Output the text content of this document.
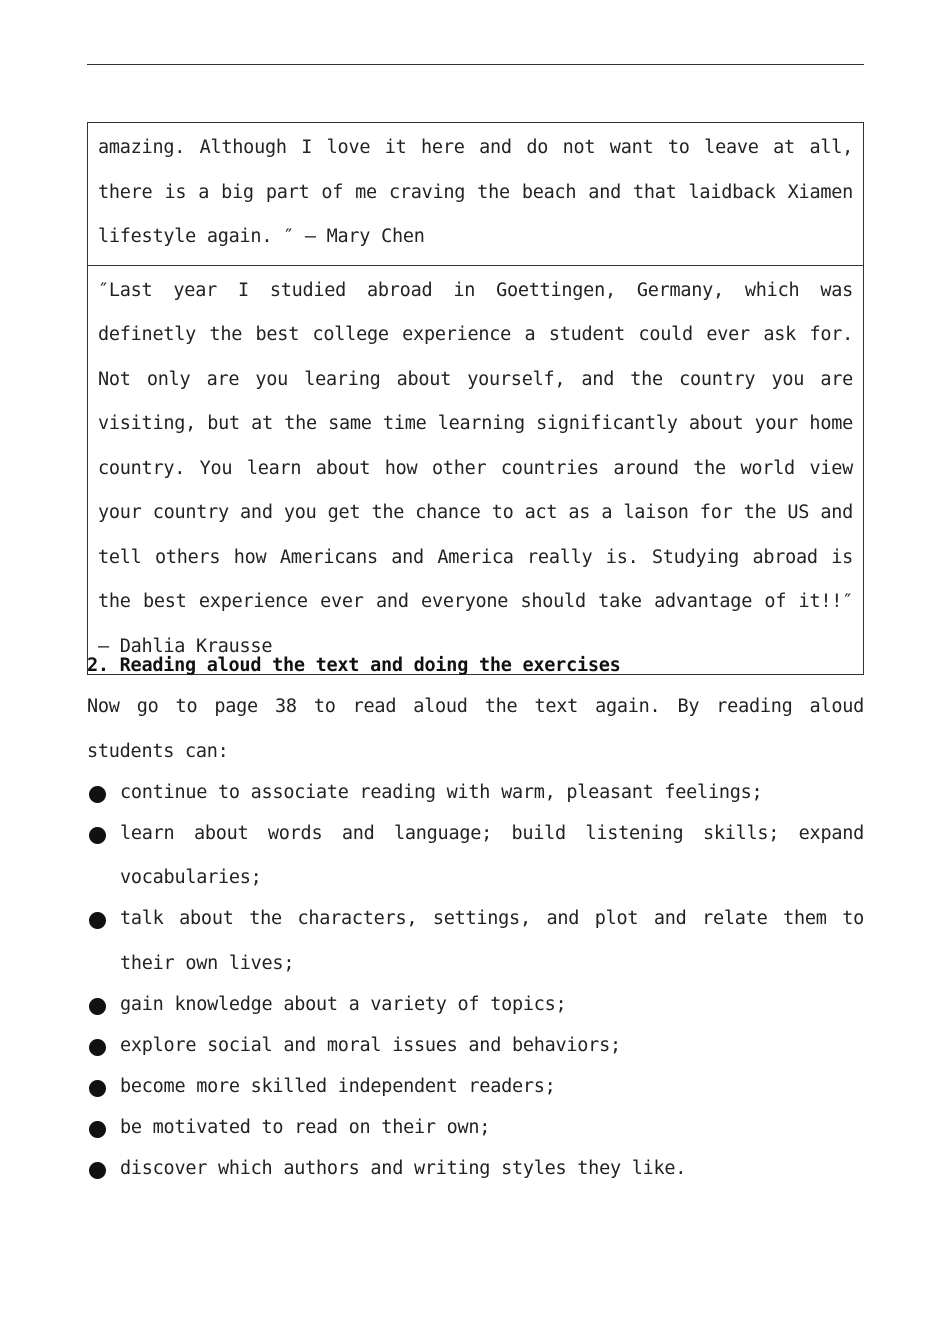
amazing. Although I love it here and do not want to leave at all, there is a big part of me craving the beach and that laidback Xiamen lifestyle again. ″ — Mary Chen
″Last year I studied abroad in Goettingen, Germany, which was definetly the best college experience a student could ever ask for. Not only are you learing about yourself, and the country you are visiting, but at the same time learning significantly about your home country. You learn about how other countries around the world view your country and you get the chance to act as a laison for the US and tell others how Americans and America really is. Studying abroad is the best experience ever and everyone should take advantage of it!!″ — Dahlia Krausse
2. Reading aloud the text and doing the exercises
Now go to page 38 to read aloud the text again. By reading aloud students can:
continue to associate reading with warm, pleasant feelings;
learn about words and language; build listening skills; expand vocabularies;
talk about the characters, settings, and plot and relate them to their own lives;
gain knowledge about a variety of topics;
explore social and moral issues and behaviors;
become more skilled independent readers;
be motivated to read on their own;
discover which authors and writing styles they like.
